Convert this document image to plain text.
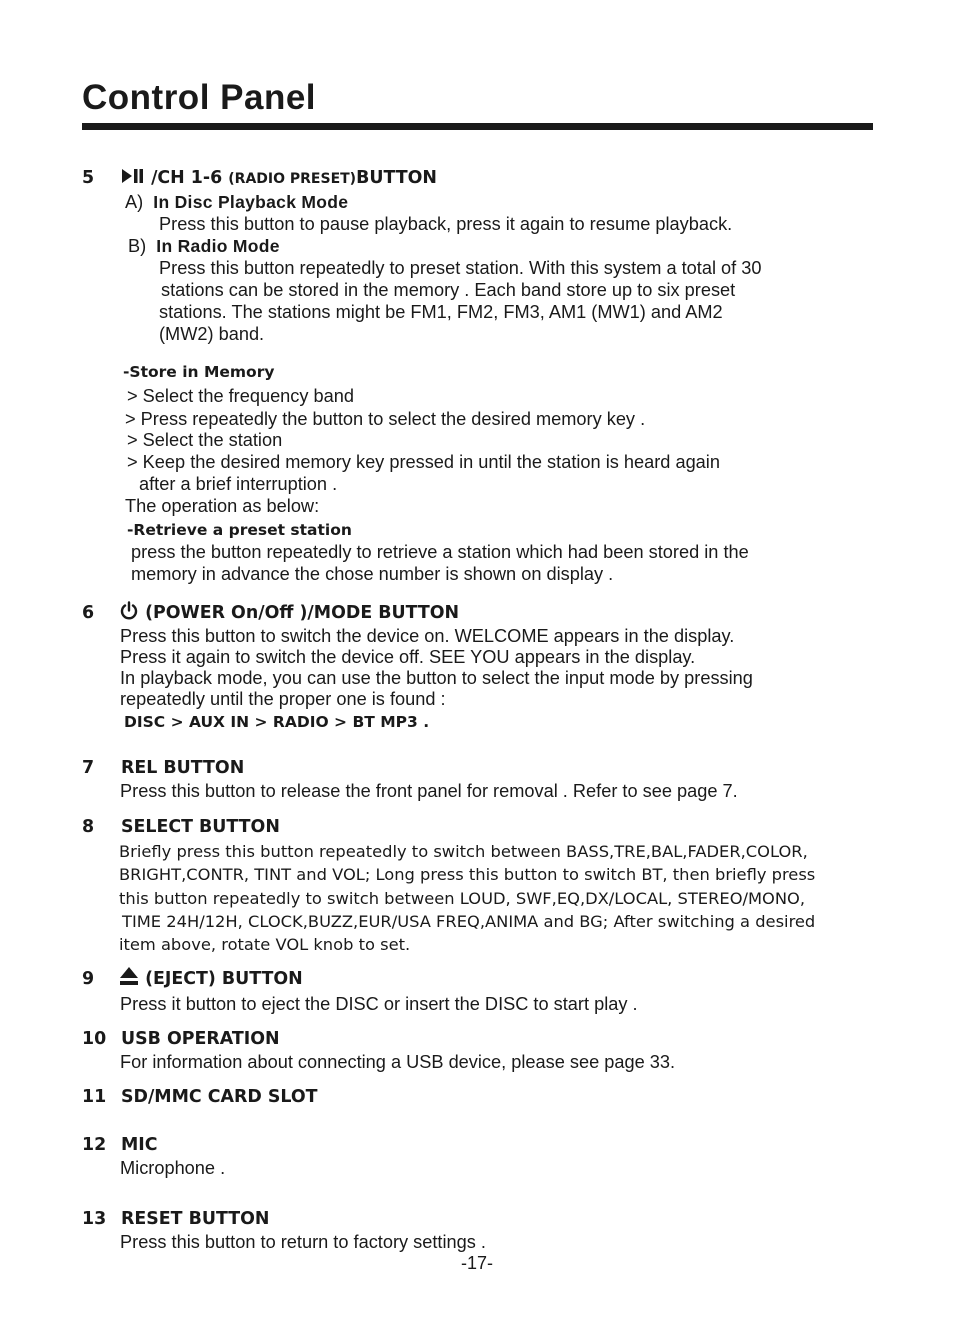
Control Panel
5	/CH 1-6 (RADIO PRESET)BUTTON
A) In Disc Playback Mode
Press this button to pause playback, press it again to resume playback.
B) In Radio Mode
Press this button repeatedly to preset station. With this system a total of 30
stations can be stored in the memory . Each band store up to six preset
stations. The stations might be FM1, FM2, FM3, AM1 (MW1) and AM2
(MW2) band.
-Store in Memory
> Select the frequency band
> Press repeatedly the button to select the desired memory key .
> Select the station
> Keep the desired memory key pressed in until the station is heard again
after a brief interruption .
The operation as below:
-Retrieve a preset station
press the button repeatedly to retrieve a station which had been stored in the
memory in advance the chose number is shown on display .
6	(POWER On/Off )/MODE BUTTON
Press this button to switch the device on. WELCOME appears in the display.
Press it again to switch the device off. SEE YOU appears in the display.
In playback mode, you can use the button to select the input mode by pressing
repeatedly until the proper one is found :
DISC > AUX IN > RADIO > BT MP3 .
7 REL BUTTON
Press this button to release the front panel for removal . Refer to see page 7.
8 SELECT BUTTON
Briefly press this button repeatedly to switch between BASS,TRE,BAL,FADER,COLOR,
BRIGHT,CONTR, TINT and VOL; Long press this button to switch BT, then briefly press
this button repeatedly to switch between LOUD, SWF,EQ,DX/LOCAL, STEREO/MONO,
TIME 24H/12H, CLOCK,BUZZ,EUR/USA FREQ,ANIMA and BG; After switching a desired
item above, rotate VOL knob to set.
9	(EJECT) BUTTON
Press it button to eject the DISC or insert the DISC to start play .
10 USB OPERATION
For information about connecting a USB device, please see page 33.
11 SD/MMC CARD SLOT
12 MIC
Microphone .
13 RESET BUTTON
Press this button to return to factory settings .
-17-
